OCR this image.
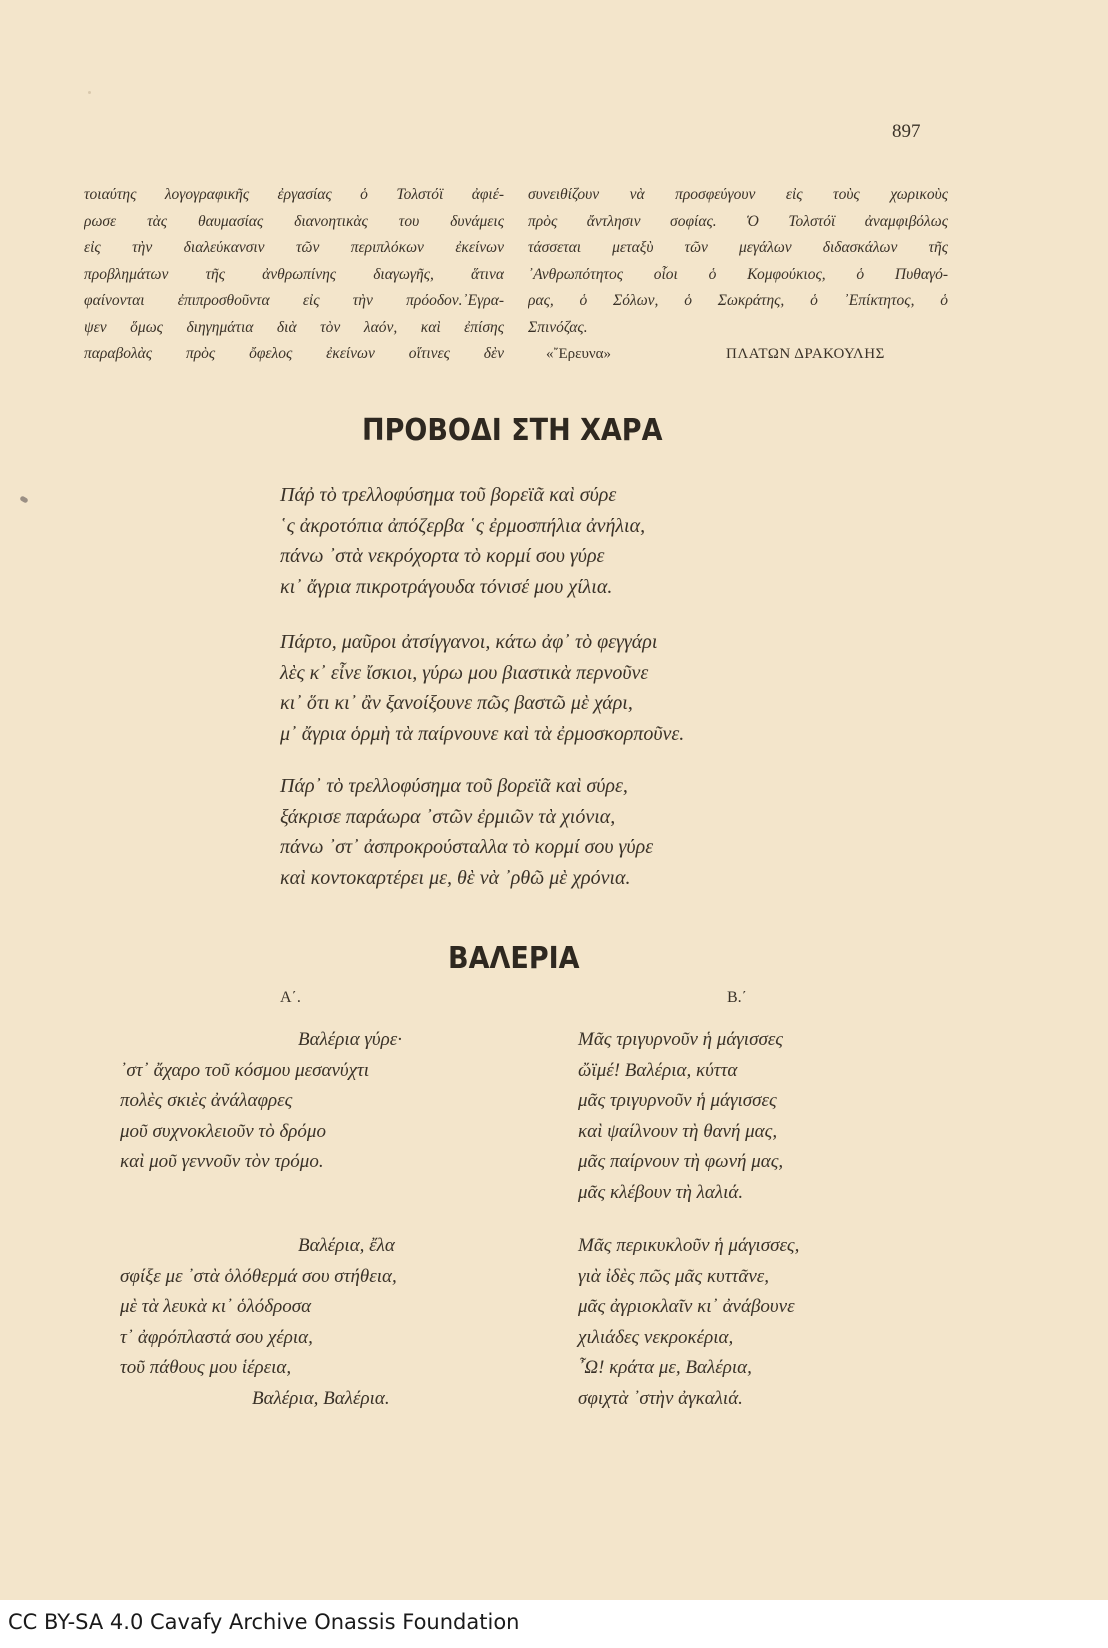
897
τοιαύτης λογογραφικῆς ἐργασίας ὁ Τολστόϊ ἀφιέ-
ρωσε τὰς θαυμασίας διανοητικὰς του δυνάμεις
εἰς τὴν διαλεύκανσιν τῶν περιπλόκων ἐκείνων
προβλημάτων τῆς ἀνθρωπίνης διαγωγῆς, ἅτινα
φαίνονται ἐπιπροσθοῦντα εἰς τὴν πρόοδον.᾿Εγρα-
ψεν ὅμως διηγημάτια διὰ τὸν λαόν, καὶ ἐπίσης
παραβολὰς πρὸς ὄφελος ἐκείνων οἵτινες δὲν
συνειθίζουν νὰ προσφεύγουν εἰς τοὺς χωρικοὺς
πρὸς ἄντλησιν σοφίας. Ὁ Τολστόϊ ἀναμφιβόλως
τάσσεται μεταξὺ τῶν μεγάλων διδασκάλων τῆς
᾿Ανθρωπότητος οἷοι ὁ Κομφούκιος, ὁ Πυθαγό-
ρας, ὁ Σόλων, ὁ Σωκράτης, ὁ ᾿Επίκτητος, ὁ
Σπινόζας.
«῎Ερευνα»	ΠΛΑΤΩΝ ΔΡΑΚΟΥΛΗΣ
ΠΡΟΒΟΔΙ ΣΤΗ ΧΑΡΑ
Πάῤ τὸ τρελλοφύσημα τοῦ βορεϊᾶ καὶ σύρε
῾ς ἀκροτόπια ἀπόζερβα ῾ς ἐρμοσπήλια ἀνήλια,
πάνω ᾿στὰ νεκρόχορτα τὸ κορμί σου γύρε
κι᾿ ἄγρια πικροτράγουδα τόνισέ μου χίλια.
Πάρτο, μαῦροι ἀτσίγγανοι, κάτω ἀφ᾿ τὸ φεγγάρι
λὲς κ᾿ εἶνε ἴσκιοι, γύρω μου βιαστικὰ περνοῦνε
κι᾿ ὅτι κι᾿ ἂν ξανοίξουνε πῶς βαστῶ μὲ χάρι,
μ᾿ ἄγρια ὁρμὴ τὰ παίρνουνε καὶ τὰ ἐρμοσκορποῦνε.
Πάρ᾿ τὸ τρελλοφύσημα τοῦ βορεϊᾶ καὶ σύρε,
ξάκρισε παράωρα ᾿στῶν ἐρμιῶν τὰ χιόνια,
πάνω ᾿στ᾿ ἀσπροκρούσταλλα τὸ κορμί σου γύρε
καὶ κοντοκαρτέρει με, θὲ νὰ ᾿ρθῶ μὲ χρόνια.
ΒΑΛΕΡΙΑ
Α΄.	Β.΄
Βαλέρια γύρε·
᾿στ᾿ ἄχαρο τοῦ κόσμου μεσανύχτι
πολὲς σκιὲς ἀνάλαφρες
μοῦ συχνοκλειοῦν τὸ δρόμο
καὶ μοῦ γεννοῦν τὸν τρόμο.
Βαλέρια, ἔλα
σφίξε με ᾿στὰ ὁλόθερμά σου στήθεια,
μὲ τὰ λευκὰ κι᾿ ὁλόδροσα
τ᾿ ἀφρόπλαστά σου χέρια,
τοῦ πάθους μου ἱέρεια,
Βαλέρια, Βαλέρια.
Μᾶς τριγυρνοῦν ἡ μάγισσες
ὤϊμέ! Βαλέρια, κύττα
μᾶς τριγυρνοῦν ἡ μάγισσες
καὶ ψαίλνουν τὴ θανή μας,
μᾶς παίρνουν τὴ φωνή μας,
μᾶς κλέβουν τὴ λαλιά.
Μᾶς περικυκλοῦν ἡ μάγισσες,
γιὰ ἰδὲς πῶς μᾶς κυττᾶνε,
μᾶς ἀγριοκλαῖν κι᾿ ἀνάβουνε
χιλιάδες νεκροκέρια,
῏Ω! κράτα με, Βαλέρια,
σφιχτὰ ᾿στὴν ἀγκαλιά.
CC BY-SA 4.0 Cavafy Archive Onassis Foundation
